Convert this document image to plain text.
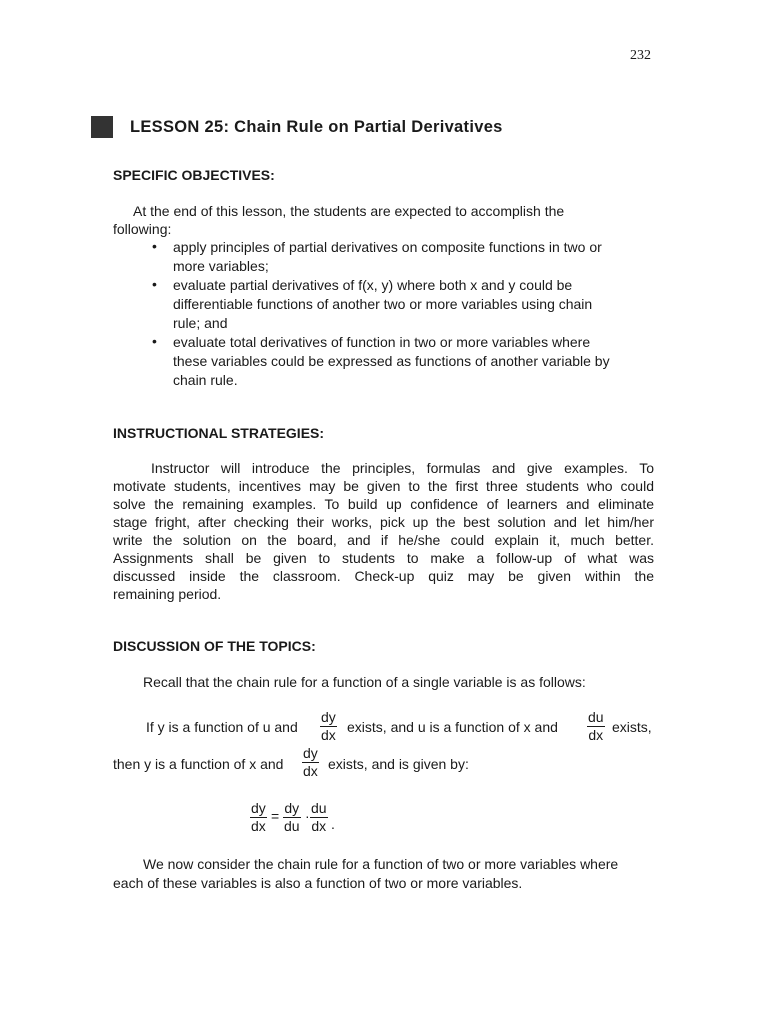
232
LESSON 25: Chain Rule on Partial Derivatives
SPECIFIC OBJECTIVES:
At the end of this lesson, the students are expected to accomplish the
following:
• apply principles of partial derivatives on composite functions in two or
more variables;
• evaluate partial derivatives of f(x, y) where both x and y could be
differentiable functions of another two or more variables using chain
rule; and
• evaluate total derivatives of function in two or more variables where
these variables could be expressed as functions of another variable by
chain rule.
INSTRUCTIONAL STRATEGIES:
Instructor will introduce the principles, formulas and give examples. To
motivate students, incentives may be given to the first three students who could
solve the remaining examples. To build up confidence of learners and eliminate
stage fright, after checking their works, pick up the best solution and let him/her
write the solution on the board, and if he/she could explain it, much better.
Assignments shall be given to students to make a follow-up of what was
discussed inside the classroom. Check-up quiz may be given within the
remaining period.
DISCUSSION OF THE TOPICS:
Recall that the chain rule for a function of a single variable is as follows:
If y is a function of u and
dy
dx exists, and u is a function of x and
du
dx exists,
then y is a function of x and
dy
dx exists, and is given by:
dy
dx
= dy
du
· du
dx .
We now consider the chain rule for a function of two or more variables where
each of these variables is also a function of two or more variables.
